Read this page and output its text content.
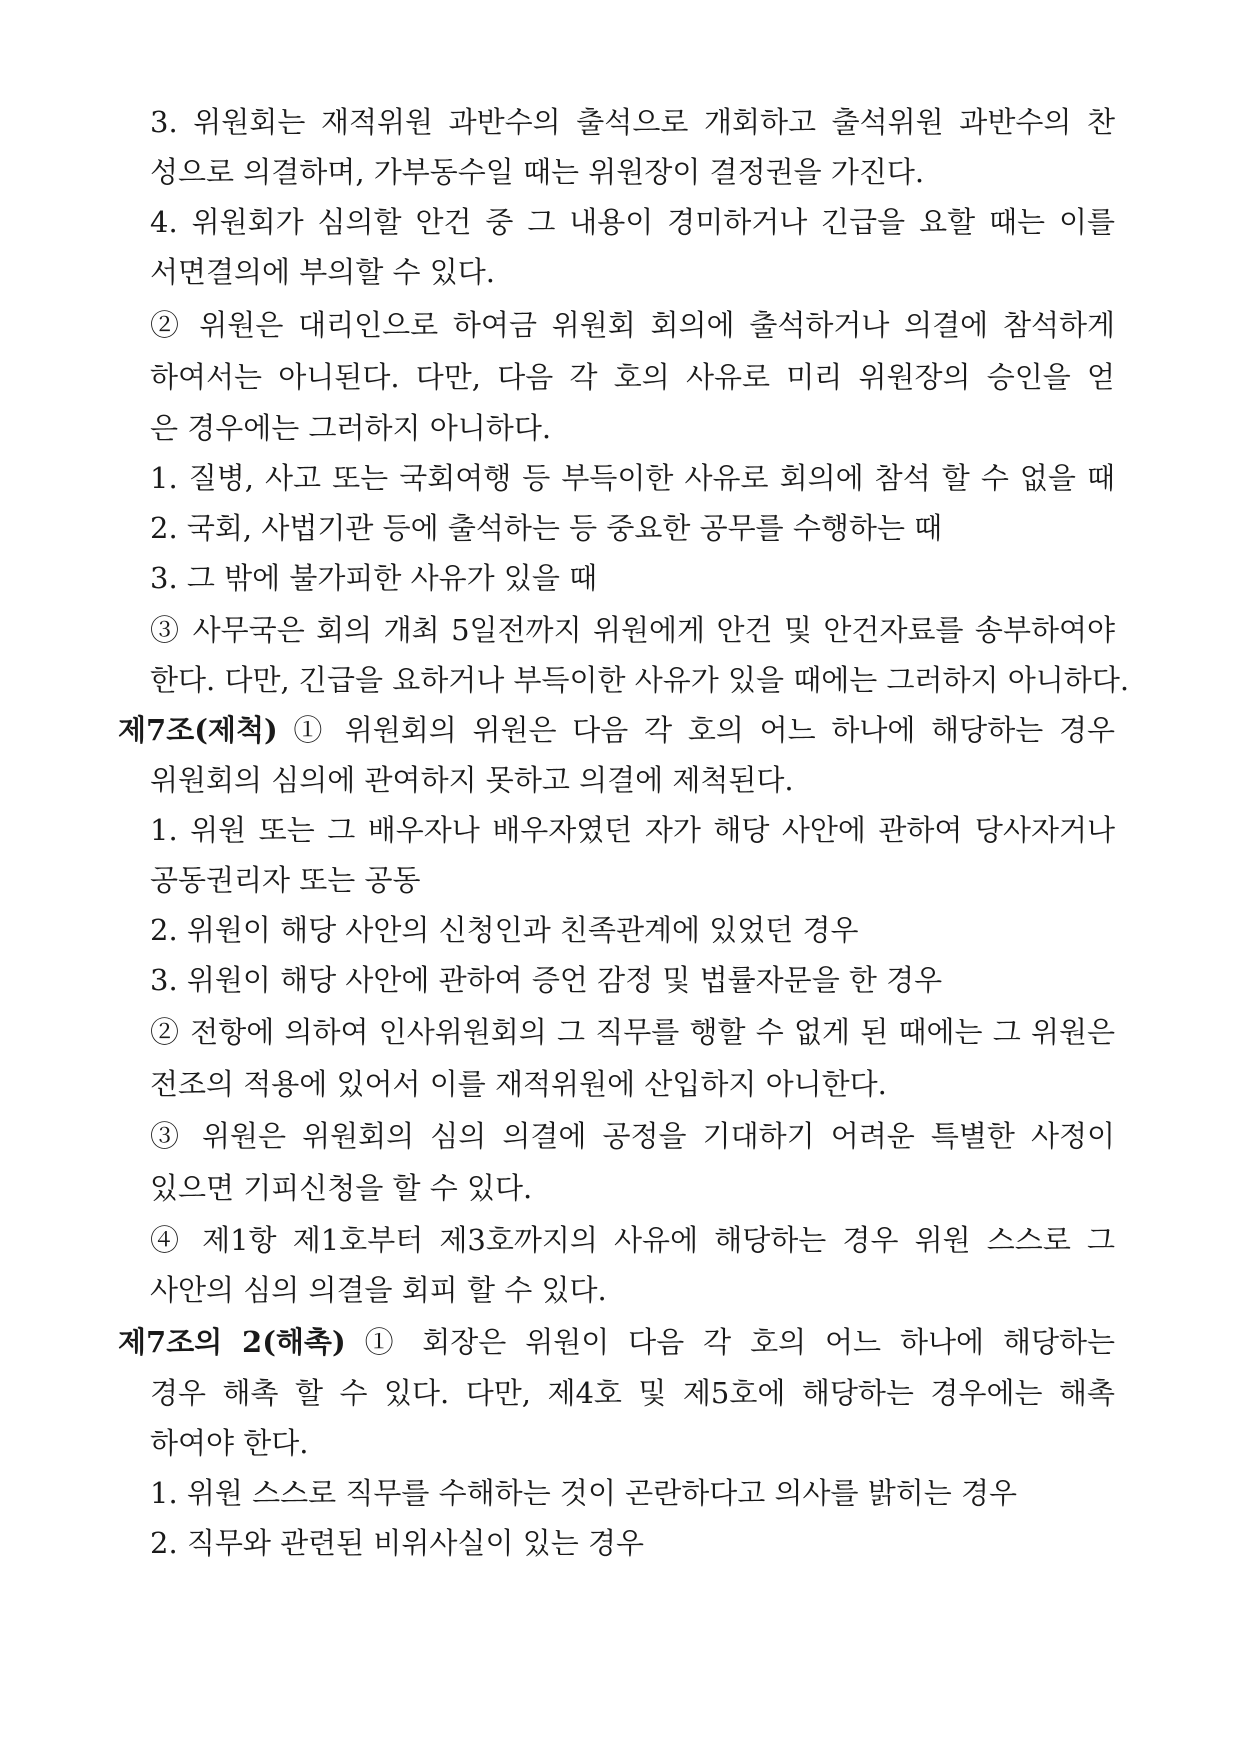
3. 위원회는 재적위원 과반수의 출석으로 개회하고 출석위원 과반수의 찬
성으로 의결하며, 가부동수일 때는 위원장이 결정권을 가진다.
4. 위원회가 심의할 안건 중 그 내용이 경미하거나 긴급을 요할 때는 이를
서면결의에 부의할 수 있다.
② 위원은 대리인으로 하여금 위원회 회의에 출석하거나 의결에 참석하게
하여서는 아니된다. 다만, 다음 각 호의 사유로 미리 위원장의 승인을 얻
은 경우에는 그러하지 아니하다.
1. 질병, 사고 또는 국회여행 등 부득이한 사유로 회의에 참석 할 수 없을 때
2. 국회, 사법기관 등에 출석하는 등 중요한 공무를 수행하는 때
3. 그 밖에 불가피한 사유가 있을 때
③ 사무국은 회의 개최 5일전까지 위원에게 안건 및 안건자료를 송부하여야
한다. 다만, 긴급을 요하거나 부득이한 사유가 있을 때에는 그러하지 아니하다.
제7조(제척) ① 위원회의 위원은 다음 각 호의 어느 하나에 해당하는 경우
위원회의 심의에 관여하지 못하고 의결에 제척된다.
1. 위원 또는 그 배우자나 배우자였던 자가 해당 사안에 관하여 당사자거나
공동권리자 또는 공동
2. 위원이 해당 사안의 신청인과 친족관계에 있었던 경우
3. 위원이 해당 사안에 관하여 증언 감정 및 법률자문을 한 경우
② 전항에 의하여 인사위원회의 그 직무를 행할 수 없게 된 때에는 그 위원은
전조의 적용에 있어서 이를 재적위원에 산입하지 아니한다.
③ 위원은 위원회의 심의 의결에 공정을 기대하기 어려운 특별한 사정이
있으면 기피신청을 할 수 있다.
④ 제1항 제1호부터 제3호까지의 사유에 해당하는 경우 위원 스스로 그
사안의 심의 의결을 회피 할 수 있다.
제7조의 2(해촉) ① 회장은 위원이 다음 각 호의 어느 하나에 해당하는
경우 해촉 할 수 있다. 다만, 제4호 및 제5호에 해당하는 경우에는 해촉
하여야 한다.
1. 위원 스스로 직무를 수해하는 것이 곤란하다고 의사를 밝히는 경우
2. 직무와 관련된 비위사실이 있는 경우
